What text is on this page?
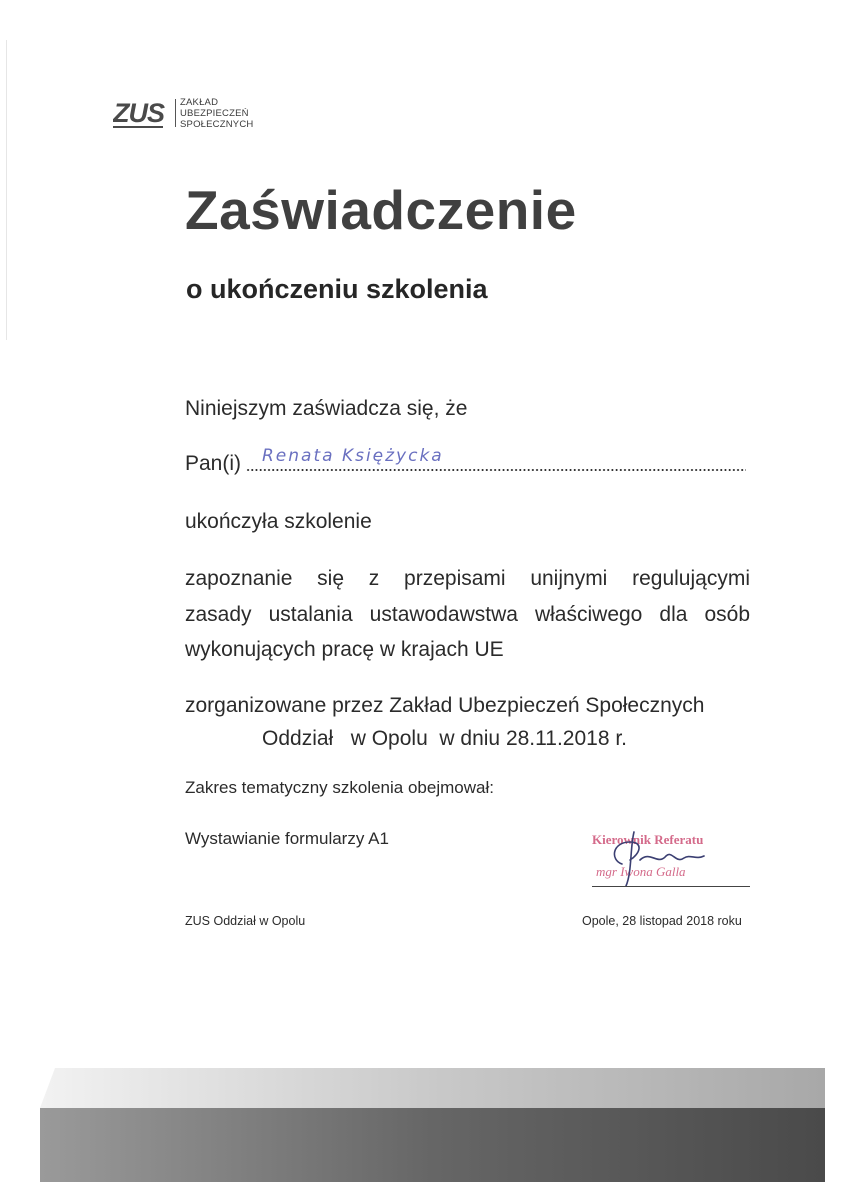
ZUS ZAKŁAD
UBEZPIECZEŃ
SPOŁECZNYCH
Zaświadczenie
o ukończeniu szkolenia
Niniejszym zaświadcza się, że
Pan(i) Renata Księżycka
ukończyła szkolenie
zapoznanie się z przepisami unijnymi regulującymi
zasady ustalania ustawodawstwa właściwego dla osób
wykonujących pracę w krajach UE
zorganizowane przez Zakład Ubezpieczeń Społecznych
Oddział   w Opolu  w dniu 28.11.2018 r.
Zakres tematyczny szkolenia obejmował:
Wystawianie formularzy A1	Kierownik Referatu
mgr Iwona Galla
ZUS Oddział w Opolu	Opole, 28 listopad 2018 roku
